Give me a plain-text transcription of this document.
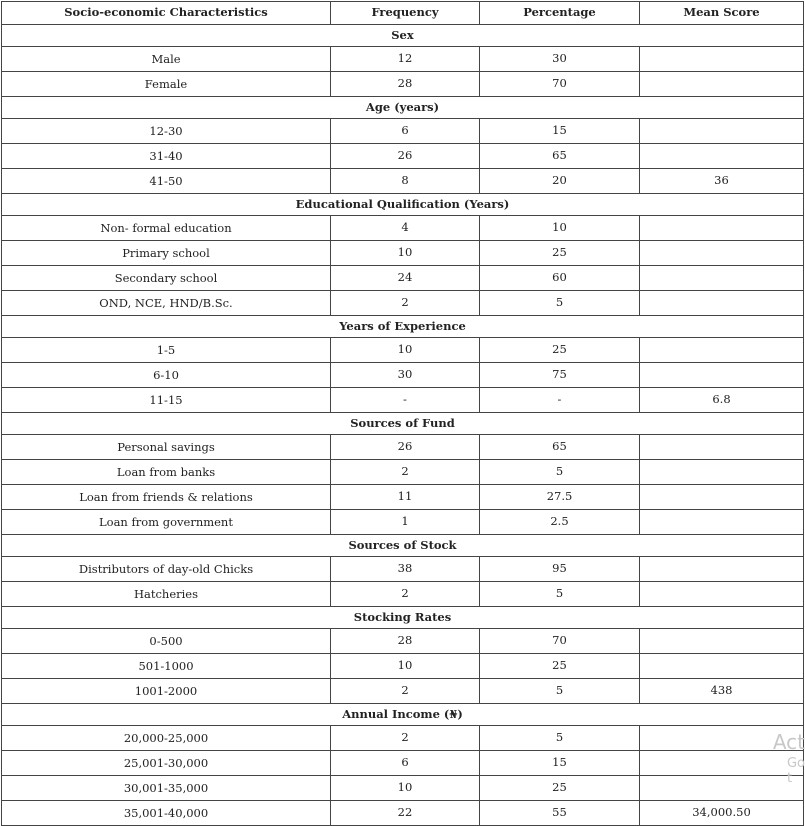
Socio-economic Characteristics	Frequency	Percentage	Mean Score
Sex			
Male	12	30	
Female	28	70	
Age (years)			
12-30	6	15	
31-40	26	65	
41-50	8	20	36
Educational Qualification (Years)			
Non- formal education	4	10	
Primary school	10	25	
Secondary school	24	60	
OND, NCE, HND/B.Sc.	2	5	
Years of Experience			
1-5	10	25	
6-10	30	75	
11-15	-	-	6.8
Sources of Fund			
Personal savings	26	65	
Loan from banks	2	5	
Loan from friends & relations	11	27.5	
Loan from government	1	2.5	
Sources of Stock			
Distributors of day-old Chicks	38	95	
Hatcheries	2	5	
Stocking Rates			
0-500	28	70	
501-1000	10	25	
1001-2000	2	5	438
Annual Income (₦)			
20,000-25,000	2	5	
25,001-30,000	6	15	
30,001-35,000	10	25	
35,001-40,000	22	55	34,000.50
Act
Go t
